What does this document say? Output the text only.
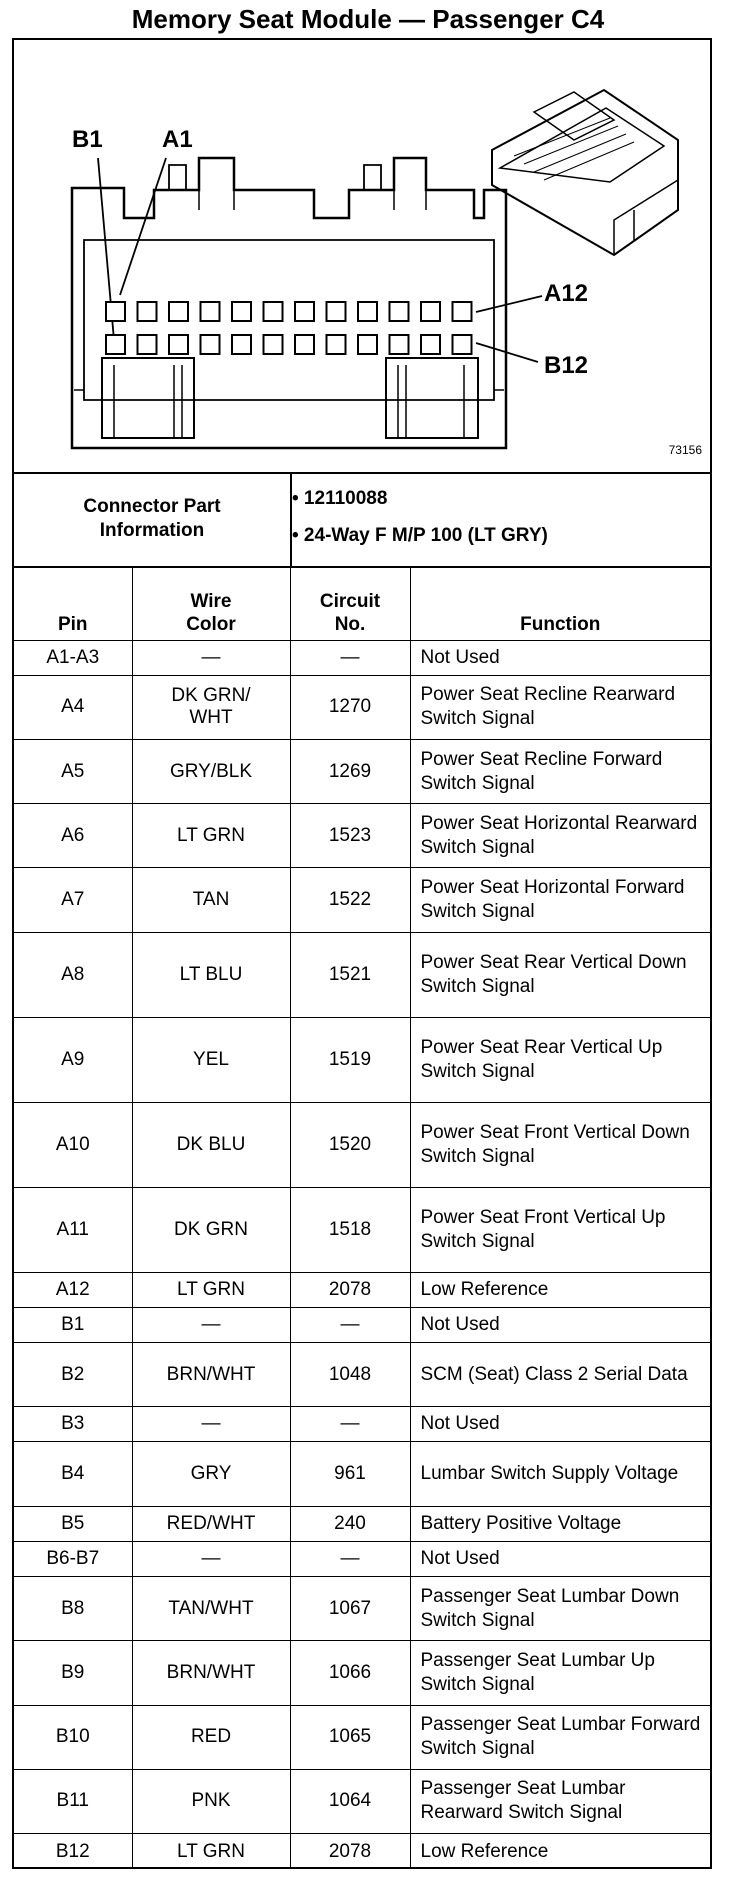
Memory Seat Module — Passenger C4
B1 A1
A12
B12
73156
Connector Part
Information
• 12110088
• 24-Way F M/P 100 (LT GRY)
Pin	Wire Color	Circuit No.	Function
A1-A3	—	—	Not Used
A4	DK GRN/ WHT	1270	Power Seat Recline Rearward Switch Signal
A5	GRY/BLK	1269	Power Seat Recline Forward Switch Signal
A6	LT GRN	1523	Power Seat Horizontal Rearward Switch Signal
A7	TAN	1522	Power Seat Horizontal Forward Switch Signal
A8	LT BLU	1521	Power Seat Rear Vertical Down Switch Signal
A9	YEL	1519	Power Seat Rear Vertical Up Switch Signal
A10	DK BLU	1520	Power Seat Front Vertical Down Switch Signal
A11	DK GRN	1518	Power Seat Front Vertical Up Switch Signal
A12	LT GRN	2078	Low Reference
B1	—	—	Not Used
B2	BRN/WHT	1048	SCM (Seat) Class 2 Serial Data
B3	—	—	Not Used
B4	GRY	961	Lumbar Switch Supply Voltage
B5	RED/WHT	240	Battery Positive Voltage
B6-B7	—	—	Not Used
B8	TAN/WHT	1067	Passenger Seat Lumbar Down Switch Signal
B9	BRN/WHT	1066	Passenger Seat Lumbar Up Switch Signal
B10	RED	1065	Passenger Seat Lumbar Forward Switch Signal
B11	PNK	1064	Passenger Seat Lumbar Rearward Switch Signal
B12	LT GRN	2078	Low Reference
